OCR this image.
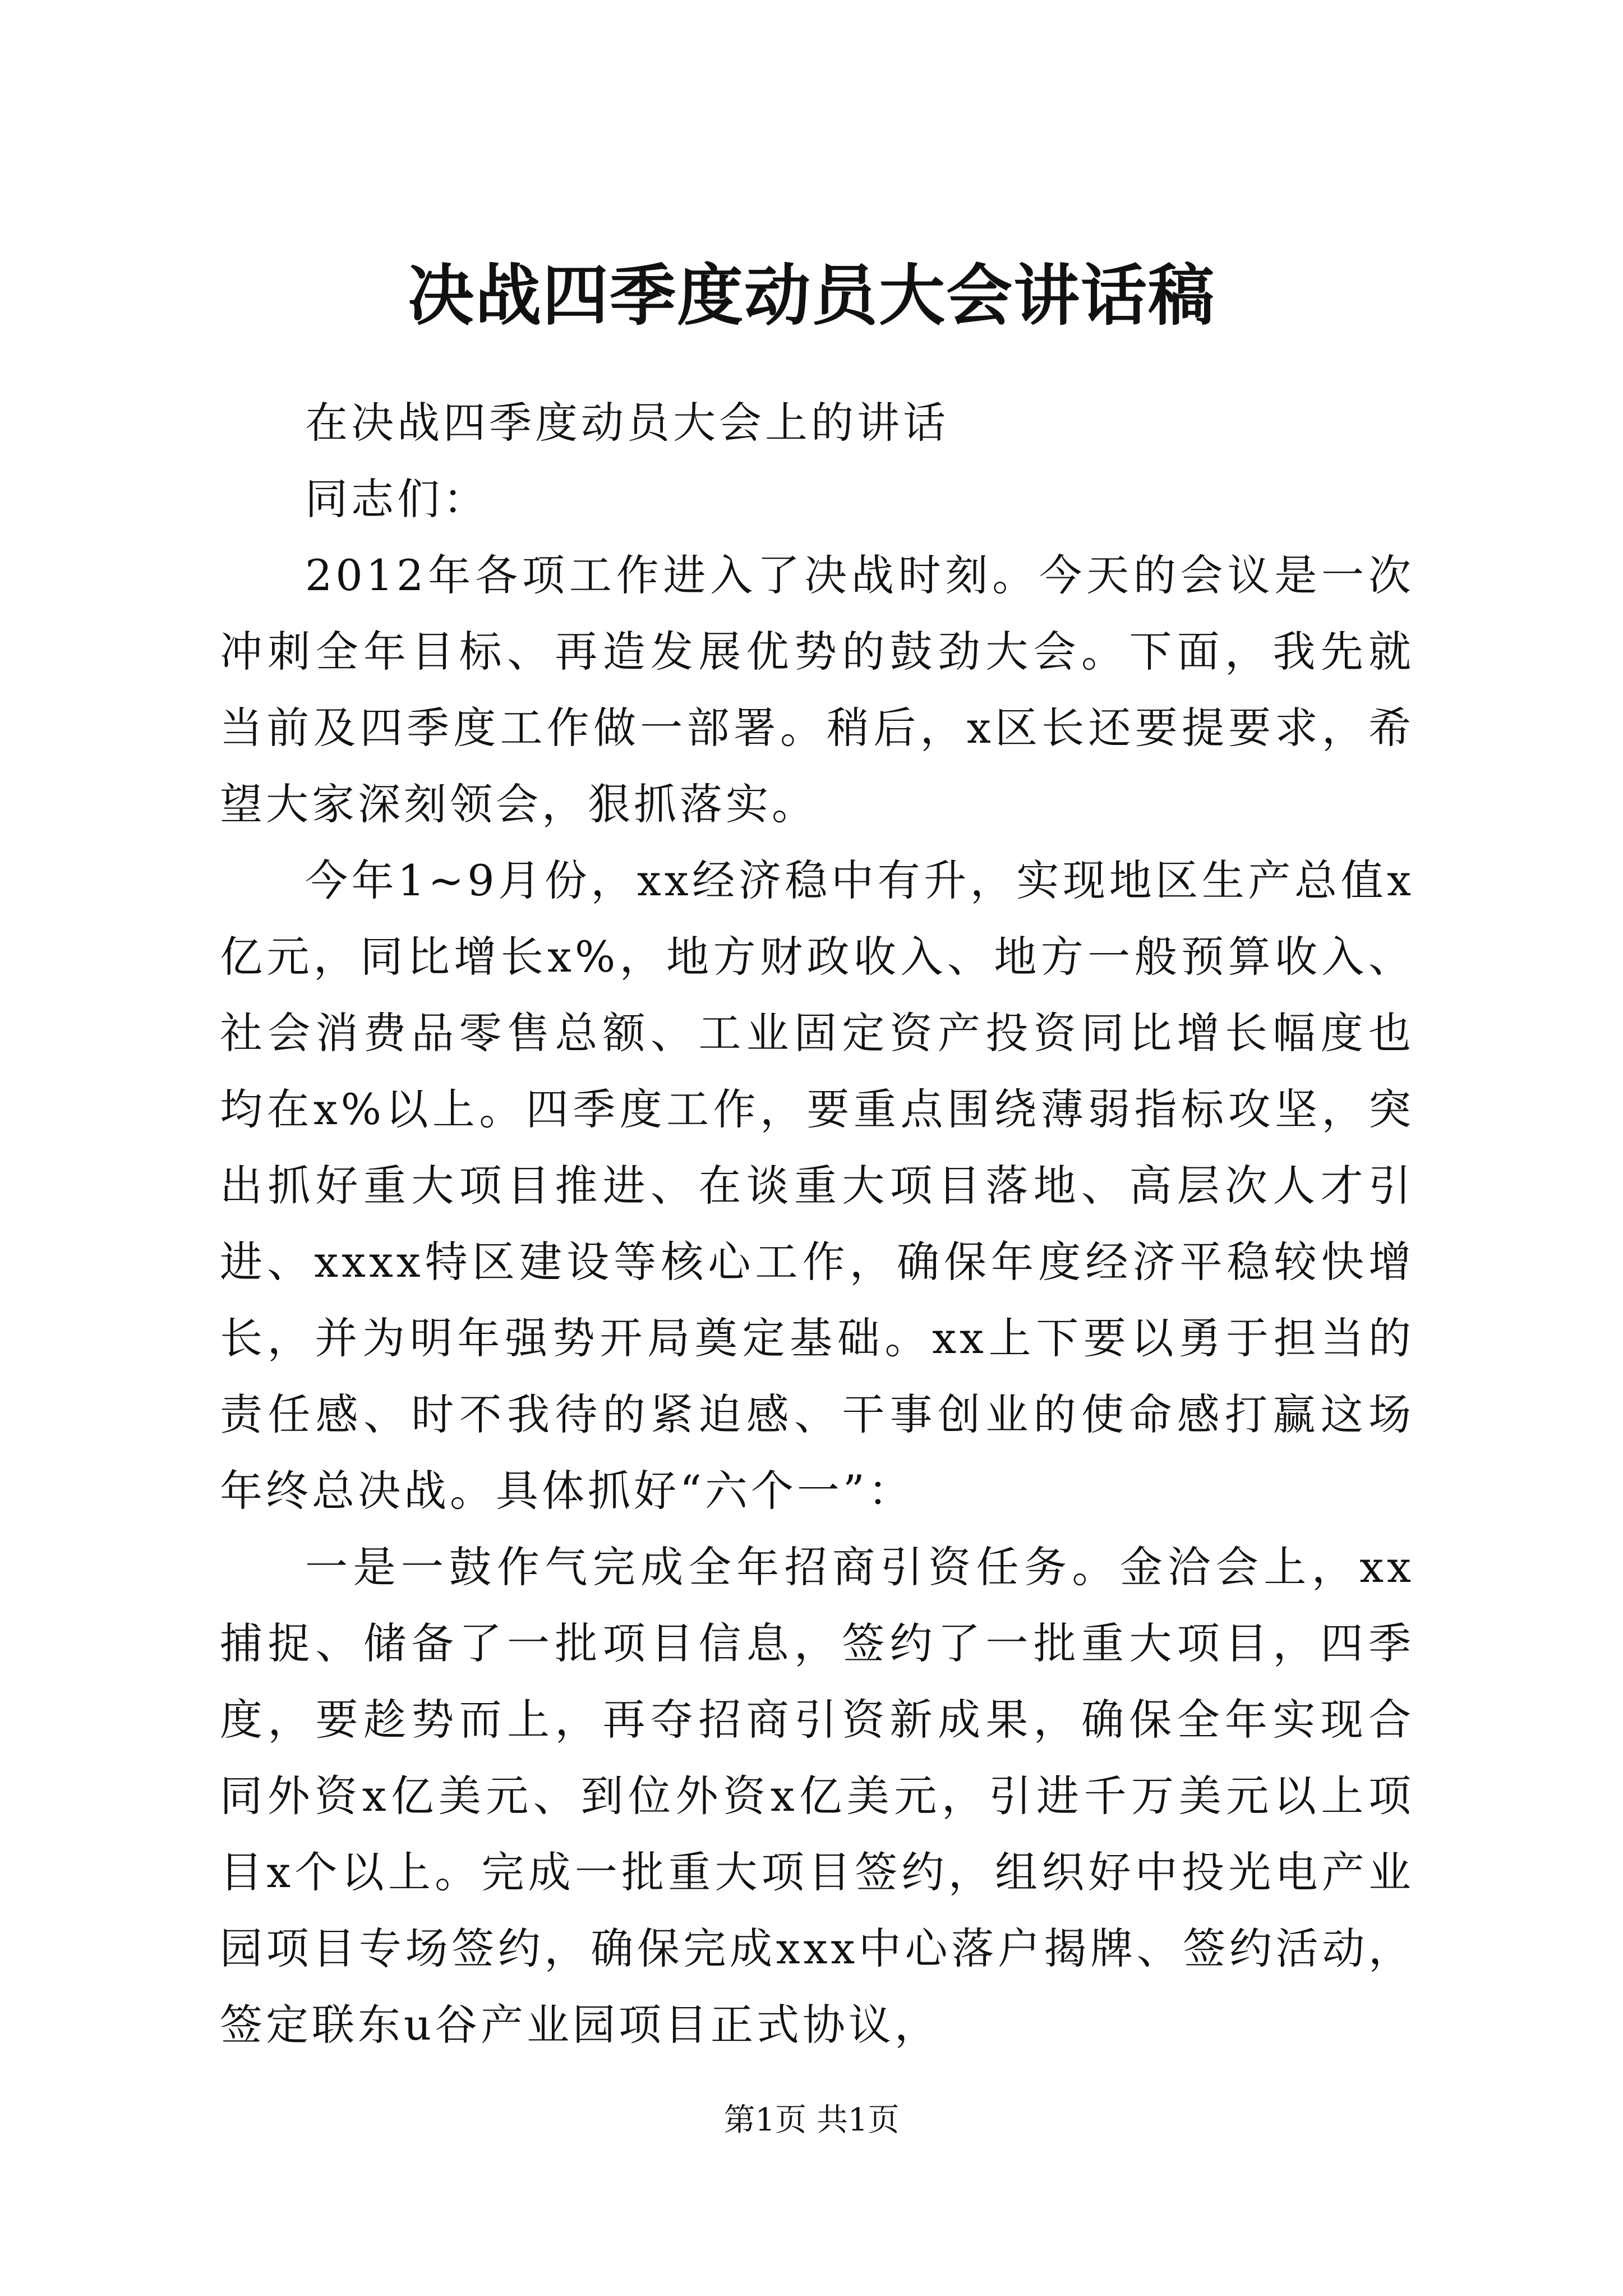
决战四季度动员大会讲话稿

在决战四季度动员大会上的讲话

同志们：

2012年各项工作进入了决战时刻。今天的会议是一次冲刺全年目标、再造发展优势的鼓劲大会。下面，我先就当前及四季度工作做一部署。稍后，x区长还要提要求，希望大家深刻领会，狠抓落实。

今年1~9月份，xx经济稳中有升，实现地区生产总值x亿元，同比增长x%，地方财政收入、地方一般预算收入、社会消费品零售总额、工业固定资产投资同比增长幅度也均在x%以上。四季度工作，要重点围绕薄弱指标攻坚，突出抓好重大项目推进、在谈重大项目落地、高层次人才引进、xxxx特区建设等核心工作，确保年度经济平稳较快增长，并为明年强势开局奠定基础。xx上下要以勇于担当的责任感、时不我待的紧迫感、干事创业的使命感打赢这场年终总决战。具体抓好“六个一”：

一是一鼓作气完成全年招商引资任务。金洽会上，xx捕捉、储备了一批项目信息，签约了一批重大项目，四季度，要趁势而上，再夺招商引资新成果，确保全年实现合同外资x亿美元、到位外资x亿美元，引进千万美元以上项目x个以上。完成一批重大项目签约，组织好中投光电产业园项目专场签约，确保完成xxx中心落户揭牌、签约活动，签定联东u谷产业园项目正式协议，

第1页 共1页
